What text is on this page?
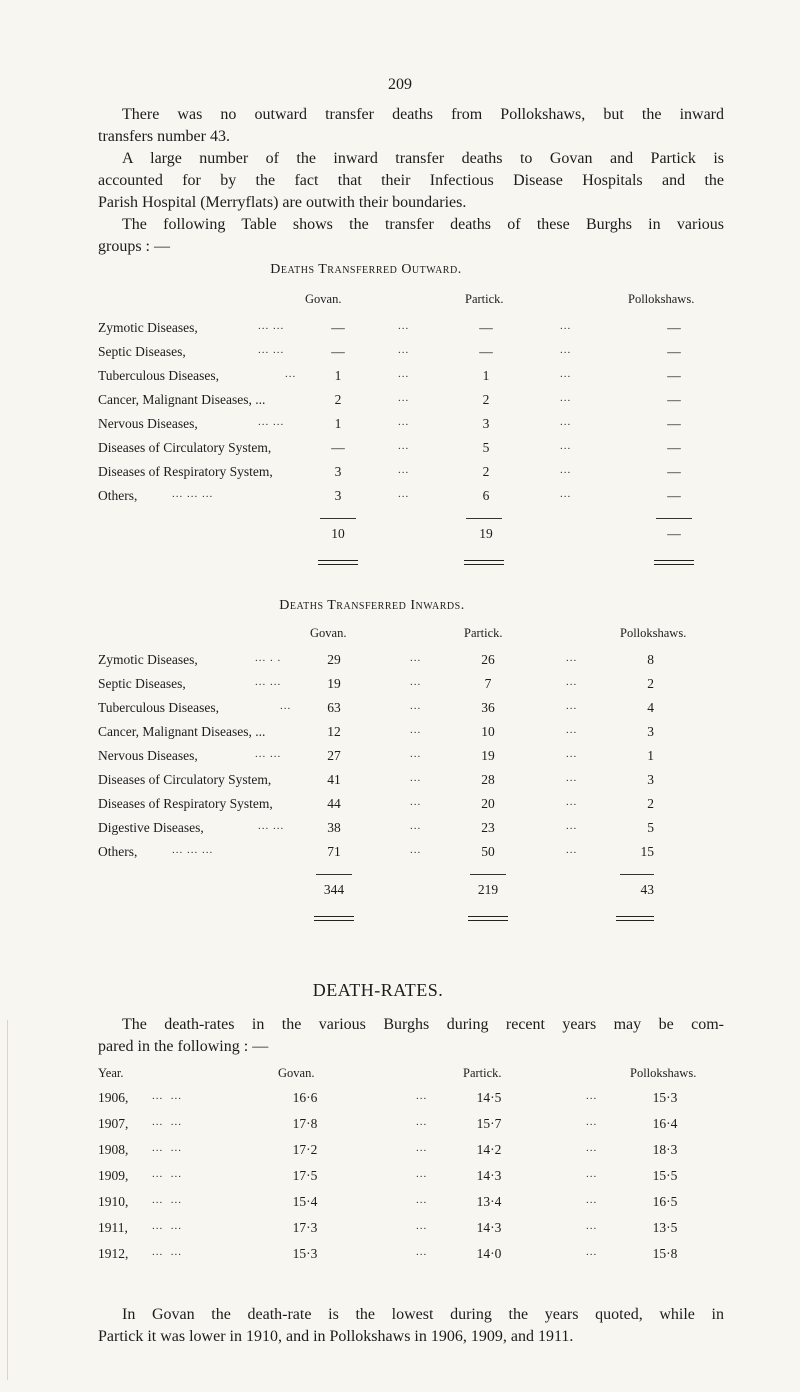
209
There was no outward transfer deaths from Pollokshaws, but the inward
transfers number 43.
A large number of the inward transfer deaths to Govan and Partick is
accounted for by the fact that their Infectious Disease Hospitals and the
Parish Hospital (Merryflats) are outwith their boundaries.
The following Table shows the transfer deaths of these Burghs in various
groups : —
Deaths Transferred Outward.
Govan.	Partick.	Pollokshaws.
Zymotic Diseases,	... ...	—	...	—	...	—
Septic Diseases,	... ...	—	...	—	...	—
Tuberculous Diseases,	...	1	...	1	...	—
Cancer, Malignant Diseases, ...	2	...	2	...	—
Nervous Diseases,	... ...	1	...	3	...	—
Diseases of Circulatory System,	—	...	5	...	—
Diseases of Respiratory System,	3	...	2	...	—
Others,	... ... ...	3	...	6	...	—
10	19	—
Deaths Transferred Inwards.
Govan.	Partick.	Pollokshaws.
Zymotic Diseases,	... . .	29	...	26	...	8
Septic Diseases,	... ...	19	...	7	...	2
Tuberculous Diseases,	...	63	...	36	...	4
Cancer, Malignant Diseases, ...	12	...	10	...	3
Nervous Diseases,	... ...	27	...	19	...	1
Diseases of Circulatory System,	41	...	28	...	3
Diseases of Respiratory System,	44	...	20	...	2
Digestive Diseases,	... ...	38	...	23	...	5
Others,	... ... ...	71	...	50	...	15
344	219	43
DEATH-RATES.
The death-rates in the various Burghs during recent years may be com-
pared in the following : —
Year.	Govan.	Partick.	Pollokshaws.
1906, ...  ...	16·6	...	14·5	...	15·3
1907, ...  ...	17·8	...	15·7	...	16·4
1908, ...  ...	17·2	...	14·2	...	18·3
1909, ...  ...	17·5	...	14·3	...	15·5
1910, ...  ...	15·4	...	13·4	...	16·5
1911, ...  ...	17·3	...	14·3	...	13·5
1912, ...  ...	15·3	...	14·0	...	15·8
In Govan the death-rate is the lowest during the years quoted, while in
Partick it was lower in 1910, and in Pollokshaws in 1906, 1909, and 1911.
